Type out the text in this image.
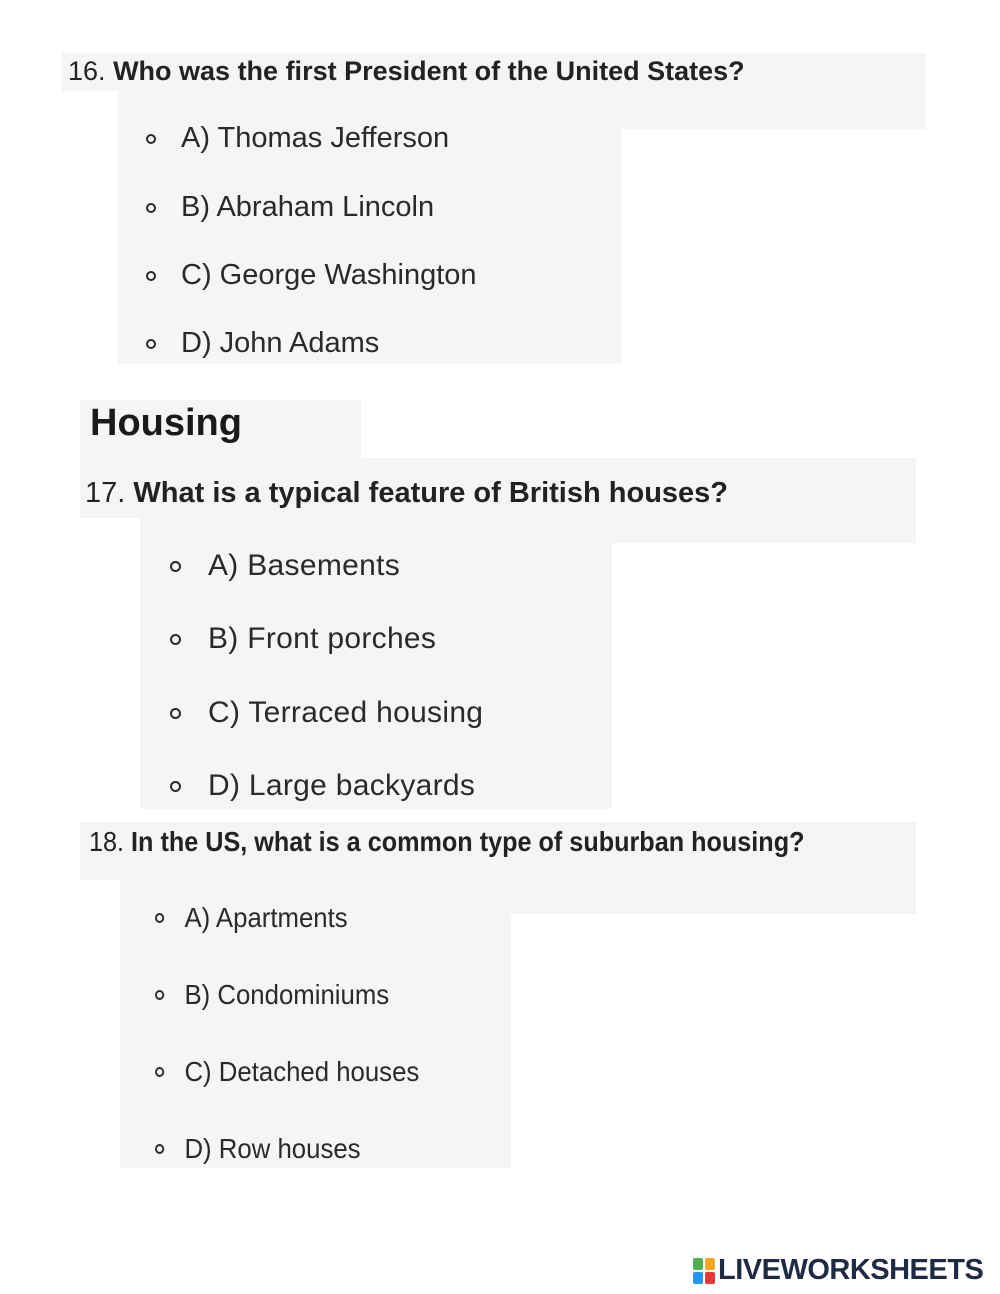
16. Who was the first President of the United States?
A) Thomas Jefferson
B) Abraham Lincoln
C) George Washington
D) John Adams
Housing
17. What is a typical feature of British houses?
A) Basements
B) Front porches
C) Terraced housing
D) Large backyards
18. In the US, what is a common type of suburban housing?
A) Apartments
B) Condominiums
C) Detached houses
D) Row houses
LIVEWORKSHEETS
